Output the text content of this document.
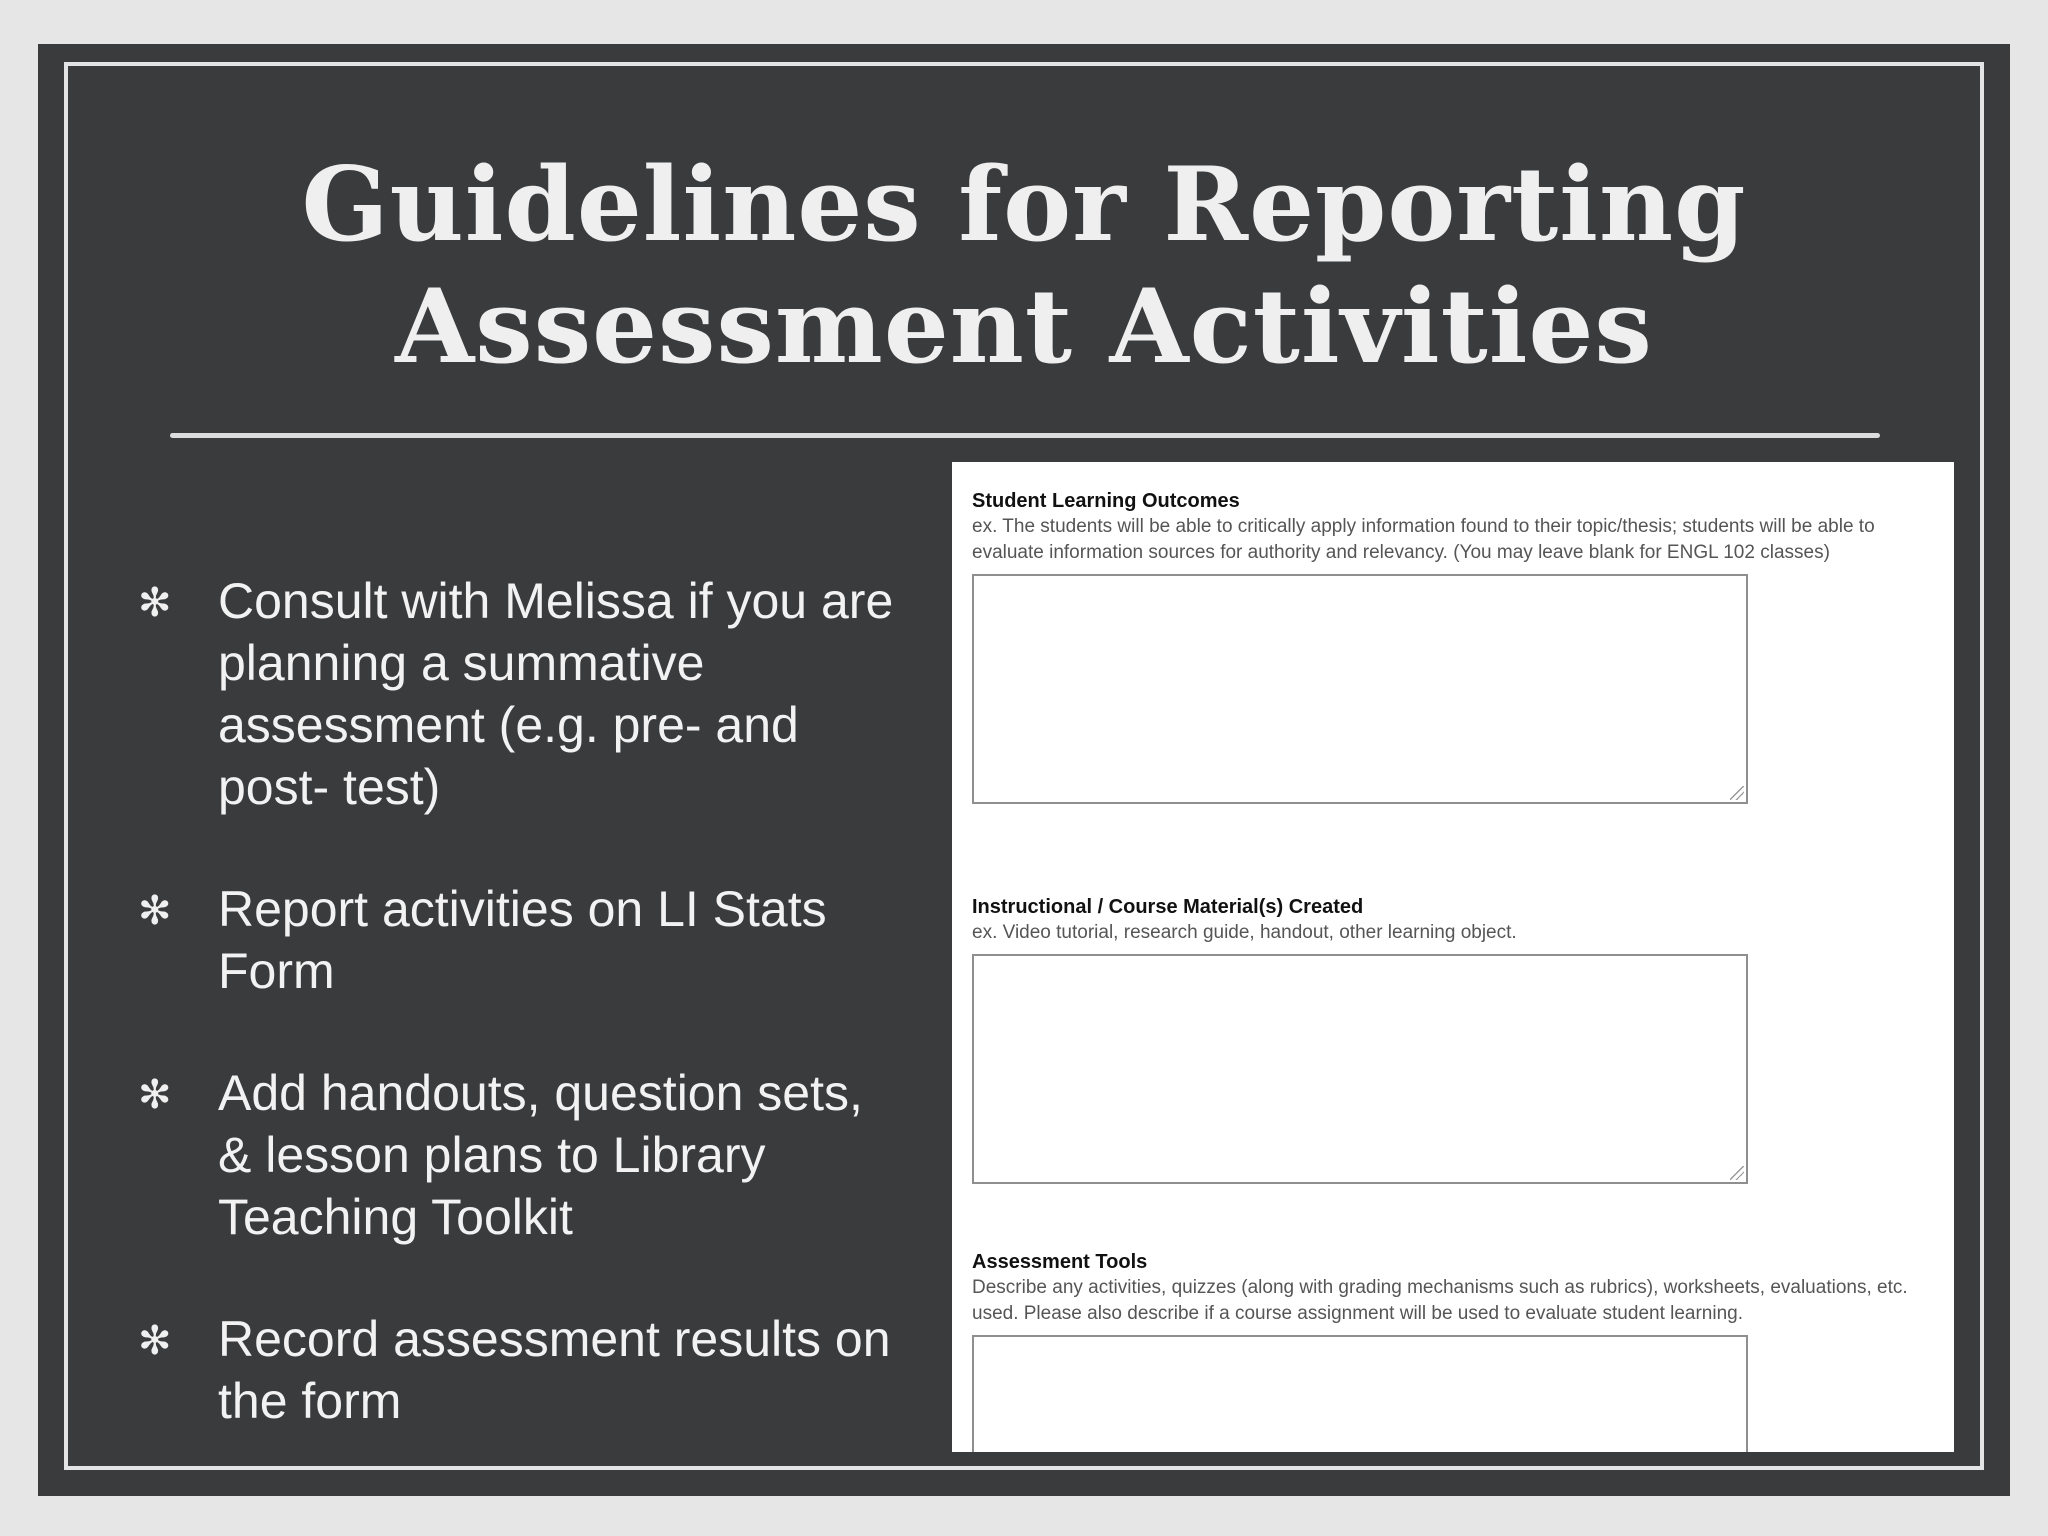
Guidelines for Reporting
Assessment Activities
✻ Consult with Melissa if you are planning a summative assessment (e.g. pre- and post- test)
✻ Report activities on LI Stats Form
✻ Add handouts, question sets, & lesson plans to Library Teaching Toolkit
✻ Record assessment results on the form
Student Learning Outcomes
ex. The students will be able to critically apply information found to their topic/thesis; students will be able to evaluate information sources for authority and relevancy. (You may leave blank for ENGL 102 classes)
Instructional / Course Material(s) Created
ex. Video tutorial, research guide, handout, other learning object.
Assessment Tools
Describe any activities, quizzes (along with grading mechanisms such as rubrics), worksheets, evaluations, etc. used. Please also describe if a course assignment will be used to evaluate student learning.
